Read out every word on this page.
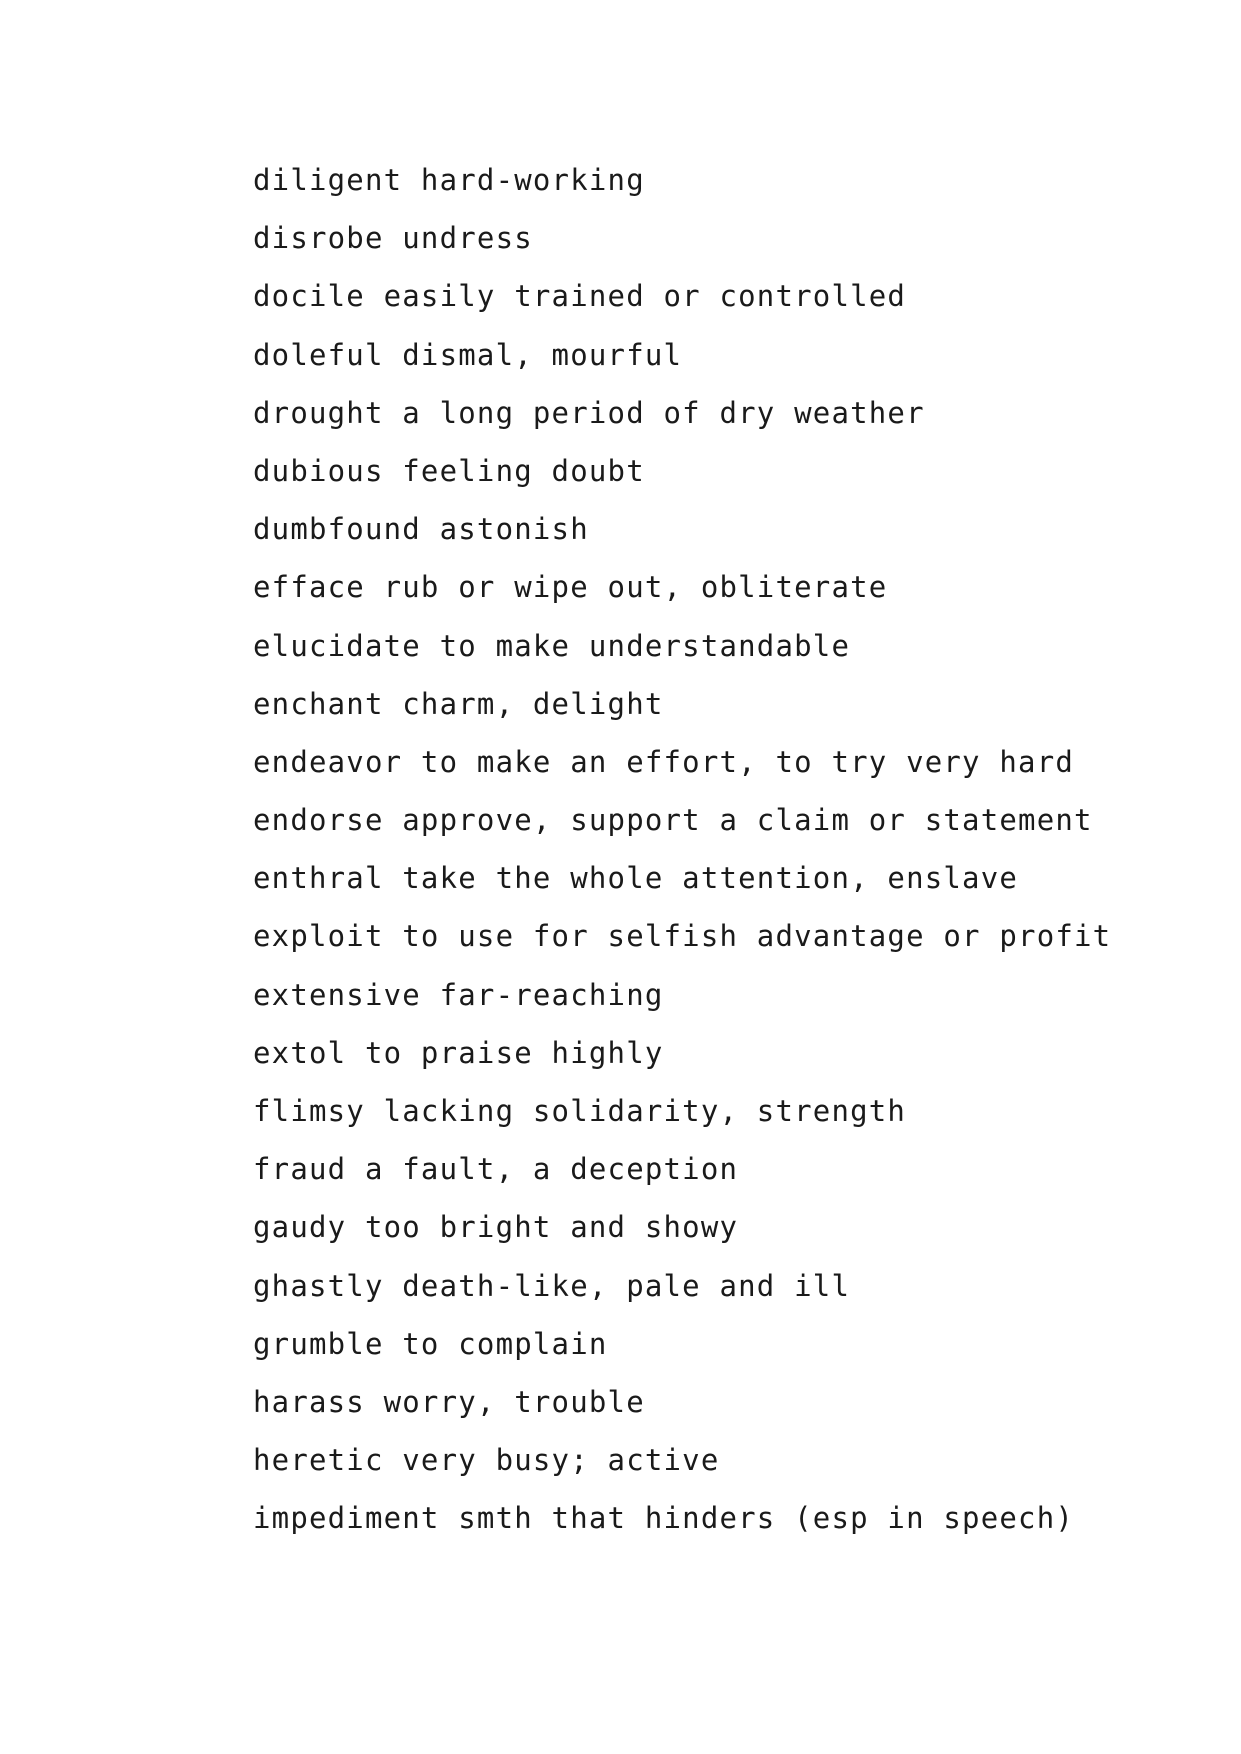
diligent hard-working
disrobe undress
docile easily trained or controlled
doleful dismal, mourful
drought a long period of dry weather
dubious feeling doubt
dumbfound astonish
efface rub or wipe out, obliterate
elucidate to make understandable
enchant charm, delight
endeavor to make an effort, to try very hard
endorse approve, support a claim or statement
enthral take the whole attention, enslave
exploit to use for selfish advantage or profit
extensive far-reaching
extol to praise highly
flimsy lacking solidarity, strength
fraud a fault, a deception
gaudy too bright and showy
ghastly death-like, pale and ill
grumble to complain
harass worry, trouble
heretic very busy; active
impediment smth that hinders (esp in speech)
